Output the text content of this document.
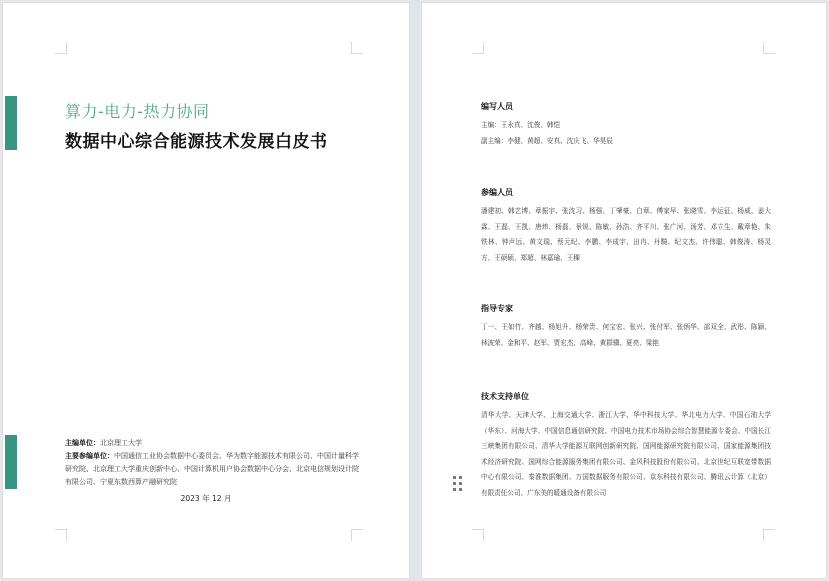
算力-电力-热力协同
数据中心综合能源技术发展白皮书
主编单位：北京理工大学
主要参编单位：中国通信工业协会数据中心委员会、华为数字能源技术有限公司、中国计量科学研究院、北京理工大学重庆创新中心、中国计算机用户协会数据中心分会、北京电信规划设计院有限公司、宁夏东数西算产融研究院
2023 年 12 月
编写人员
主编：王永真、沈俊、韩恺
副主编：李健、黄超、安真、沈庆飞、华昊辰
参编人员
潘建初、韩艺博、章振宇、张沈习、杨强、丁肇豪、白章、傅家早、张晓雪、李运征、杨威、姜大霖、王磊、王凯、唐炜、杨磊、景锐、陈敏、孙浩、齐平川、张广河、汤芳、邓立生、戴章艳、朱铁林、钟声远、黄文瑞、蔡元纪、李鹏、李成宇、田冉、丹騎、纪文杰、许伟聪、韩俊涛、杨灵方、王硕硕、郑超、林嘉瑜、王稞
指导专家
丁一、王如竹、齐越、杨旭升、杨荣贵、何宝宏、张兴、张付军、张炳华、邵双全、武彤、陈颖、林波荣、金和平、赵军、贾宏杰、高峰、黄群骥、夏亮、梁艳
技术支持单位
清华大学、天津大学、上海交通大学、浙江大学、华中科技大学、华北电力大学、中国石油大学（华东）、河海大学、中国信息通信研究院、中国电力技术市场协会综合智慧能源专委会、中国长江三峡集团有限公司、清华大学能源互联网创新研究院、国网能源研究院有限公司、国家能源集团技术经济研究院、国网综合能源服务集团有限公司、金风科技股份有限公司、北京世纪互联宽带数据中心有限公司、秦淮数据集团、万国数据服务有限公司、京东科技有限公司、腾讯云计算（北京）有限责任公司、广东美的暖通设备有限公司
